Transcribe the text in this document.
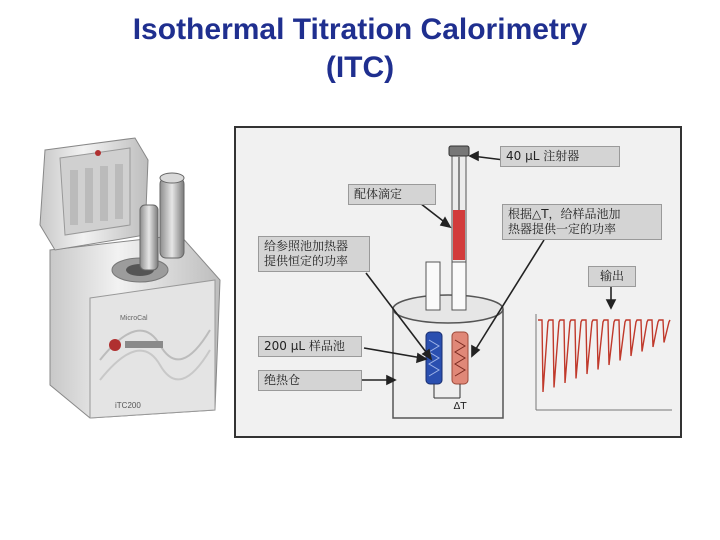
Isothermal Titration Calorimetry
(ITC)
MicroCal
iTC200	ΔT
40 μL 注射器
配体滴定
根据△T，给样品池加
热器提供一定的功率
给参照池加热器
提供恒定的功率
输出
200 μL 样品池
绝热仓
